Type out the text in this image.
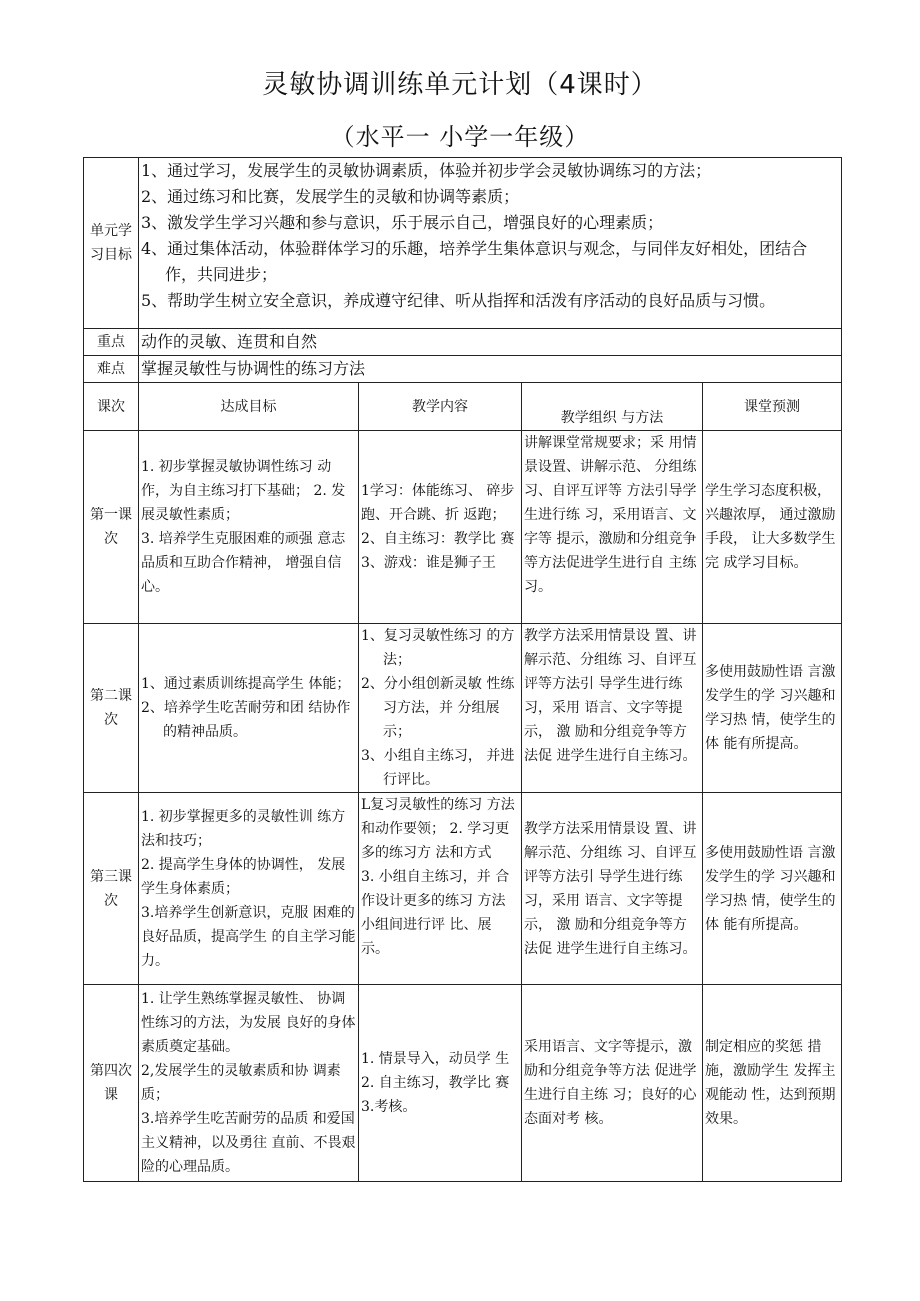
灵敏协调训练单元计划（4课时）
（水平一 小学一年级）
单元学习目标	1、通过学习，发展学生的灵敏协调素质，体验并初步学会灵敏协调练习的方法；
2、通过练习和比赛，发展学生的灵敏和协调等素质；
3、激发学生学习兴趣和参与意识，乐于展示自己，增强良好的心理素质；
4、通过集体活动，体验群体学习的乐趣，培养学生集体意识与观念，与同伴友好相处，团结合作，共同进步；
5、帮助学生树立安全意识，养成遵守纪律、听从指挥和活泼有序活动的良好品质与习惯。			

重点	动作的灵敏、连贯和自然			
难点	掌握灵敏性与协调性的练习方法			
课次	达成目标	教学内容	教学组织 与方法	课堂预测
第一课次	1. 初步掌握灵敏协调性练习 动作，为自主练习打下基础； 2. 发展灵敏性素质；
3. 培养学生克服困难的顽强 意志品质和互助合作精神， 增强自信心。	1学习：体能练习、 碎步跑、开合跳、折 返跑；
2、自主练习：教学比 赛
3、游戏：谁是狮子王	讲解课堂常规要求；采 用情景设置、讲解示范、 分组练习、自评互评等 方法引导学生进行练 习，采用语言、文字等 提示，激励和分组竞争 等方法促进学生进行自 主练习。	学生学习态度积极，兴趣浓厚， 通过激励手段， 让大多数学生完 成学习目标。
第二课次	1、通过素质训练提高学生 体能；
2、培养学生吃苦耐劳和团 结协作的精神品质。	1、复习灵敏性练习 的方法；
2、分小组创新灵敏 性练习方法，并 分组展示；
3、小组自主练习， 并进行评比。	教学方法采用情景设 置、讲解示范、分组练 习、自评互评等方法引 导学生进行练习，采用 语言、文字等提示， 激 励和分组竞争等方法促 进学生进行自主练习。	多使用鼓励性语 言激发学生的学 习兴趣和学习热 情，使学生的体 能有所提高。
第三课次	1. 初步掌握更多的灵敏性训 练方法和技巧；
2. 提高学生身体的协调性， 发展学生身体素质；
3.培养学生创新意识，克服 困难的良好品质，提高学生 的自主学习能力。	L复习灵敏性的练习 方法和动作要领； 2. 学习更多的练习方 法和方式
3. 小组自主练习，并 合作设计更多的练习 方法小组间进行评 比、展示。	教学方法采用情景设 置、讲解示范、分组练 习、自评互评等方法引 导学生进行练习，采用 语言、文字等提示， 激 励和分组竞争等方法促 进学生进行自主练习。	多使用鼓励性语 言激发学生的学 习兴趣和学习热 情，使学生的体 能有所提高。
第四次课	1. 让学生熟练掌握灵敏性、 协调性练习的方法，为发展 良好的身体素质奠定基础。
2,发展学生的灵敏素质和协 调素质；
3.培养学生吃苦耐劳的品质 和爱国主义精神，以及勇往 直前、不畏艰险的心理品质。	1. 情景导入，动员学 生
2. 自主练习，教学比 赛
3.考核。	采用语言、文字等提示，激励和分组竞争等方法 促进学生进行自主练 习；良好的心态面对考 核。	制定相应的奖惩 措施，激励学生 发挥主观能动 性，达到预期效果。
